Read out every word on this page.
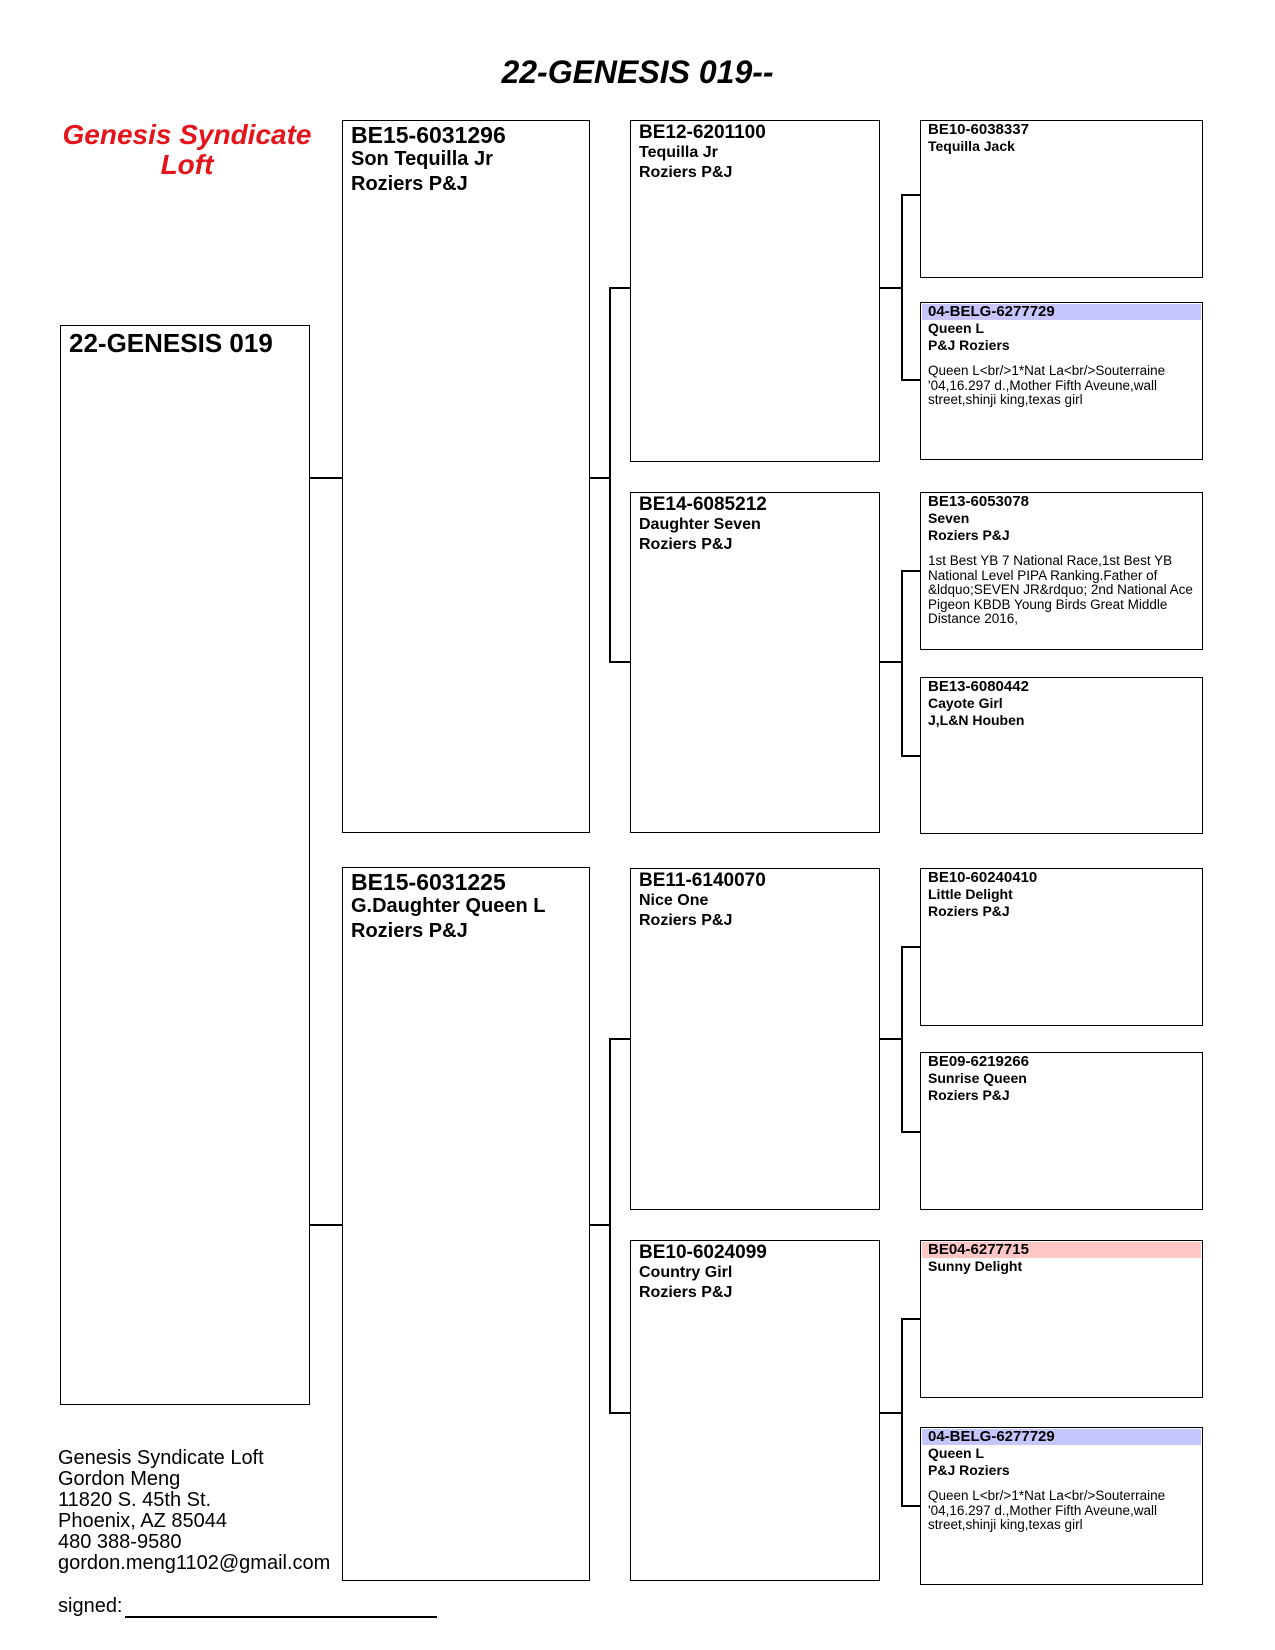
22-GENESIS 019--
Genesis Syndicate Loft
22-GENESIS 019
BE15-6031296
Son Tequilla Jr
Roziers P&J
BE15-6031225
G.Daughter Queen L
Roziers P&J
BE12-6201100
Tequilla Jr
Roziers P&J
BE14-6085212
Daughter Seven
Roziers P&J
BE11-6140070
Nice One
Roziers P&J
BE10-6024099
Country Girl
Roziers P&J
BE10-6038337
Tequilla Jack
04-BELG-6277729
Queen L
P&J Roziers
Queen L<br/>1*Nat La<br/>Souterraine '04,16.297 d.,Mother Fifth Aveune,wall street,shinji king,texas girl
BE13-6053078
Seven
Roziers P&J
1st Best YB 7 National Race,1st Best YB National Level PIPA Ranking.Father of &ldquo;SEVEN JR&rdquo; 2nd National Ace Pigeon KBDB Young Birds Great Middle Distance 2016,
BE13-6080442
Cayote Girl
J,L&N Houben
BE10-60240410
Little Delight
Roziers P&J
BE09-6219266
Sunrise Queen
Roziers P&J
BE04-6277715
Sunny Delight
04-BELG-6277729
Queen L
P&J Roziers
Queen L<br/>1*Nat La<br/>Souterraine '04,16.297 d.,Mother Fifth Aveune,wall street,shinji king,texas girl
Genesis Syndicate Loft
Gordon Meng
11820 S. 45th St.
Phoenix, AZ 85044
480 388-9580
gordon.meng1102@gmail.com
signed:
